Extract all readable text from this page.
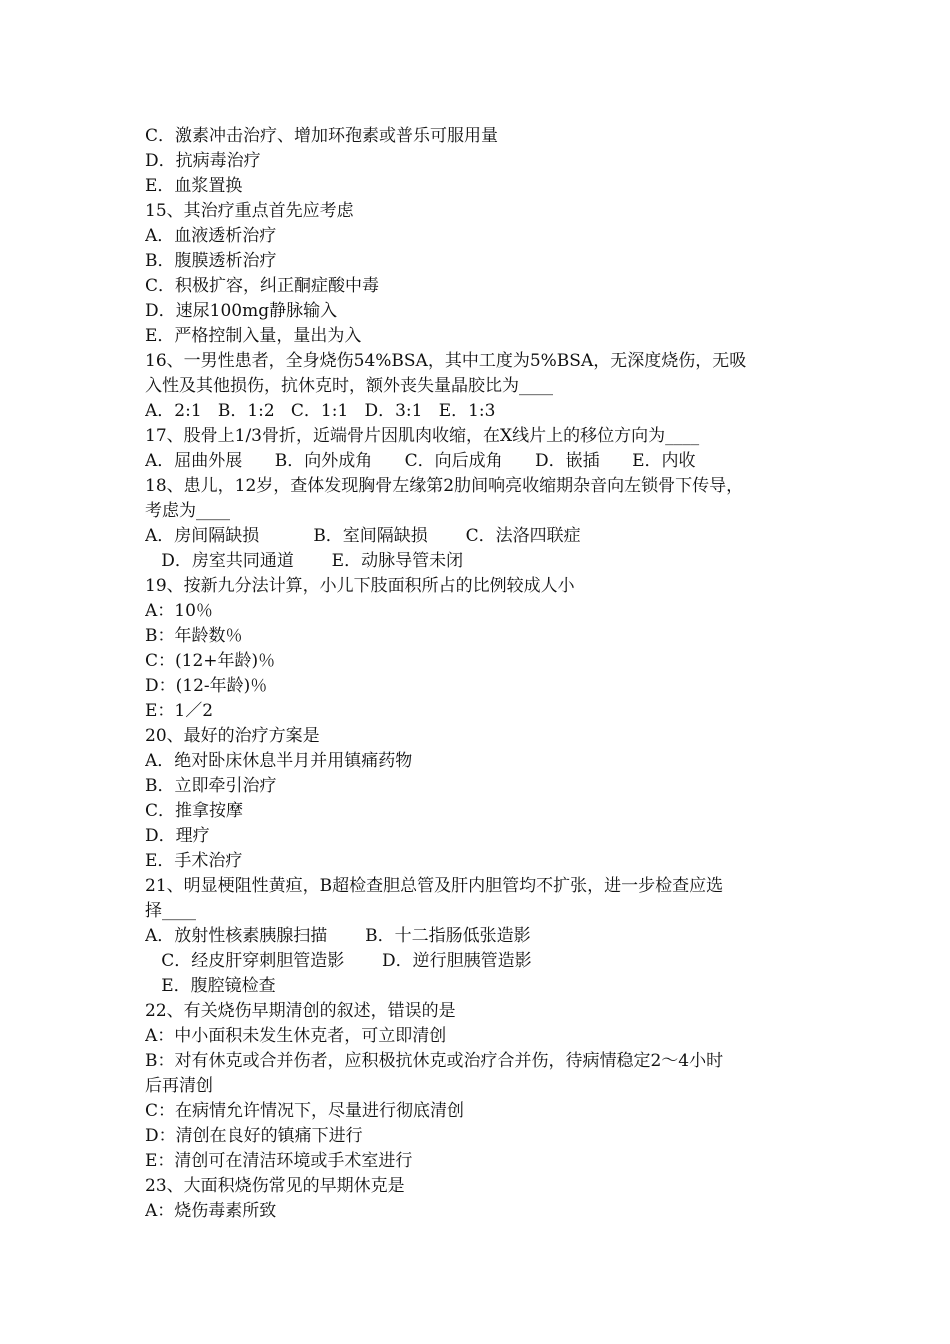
C．激素冲击治疗、增加环孢素或普乐可服用量
D．抗病毒治疗
E．血浆置换
15、其治疗重点首先应考虑
A．血液透析治疗
B．腹膜透析治疗
C．积极扩容，纠正酮症酸中毒
D．速尿100mg静脉输入
E．严格控制入量，量出为入
16、一男性患者，全身烧伤54%BSA，其中工度为5%BSA，无深度烧伤，无吸
入性及其他损伤，抗休克时，额外丧失量晶胶比为____
A．2:1   B．1:2   C．1:1   D．3:1   E．1:3
17、股骨上1/3骨折，近端骨片因肌肉收缩，在X线片上的移位方向为____
A．屈曲外展      B．向外成角      C．向后成角      D．嵌插      E．内收
18、患儿，12岁，查体发现胸骨左缘第2肋间响亮收缩期杂音向左锁骨下传导，
考虑为____
A．房间隔缺损          B．室间隔缺损       C．法洛四联症
D．房室共同通道       E．动脉导管未闭
19、按新九分法计算，小儿下肢面积所占的比例较成人小
A：10％
B：年龄数％
C：(12+年龄)％
D：(12-年龄)％
E：1／2
20、最好的治疗方案是
A．绝对卧床休息半月并用镇痛药物
B．立即牵引治疗
C．推拿按摩
D．理疗
E．手术治疗
21、明显梗阻性黄疸，B超检查胆总管及肝内胆管均不扩张，进一步检查应选
择____
A．放射性核素胰腺扫描       B．十二指肠低张造影
C．经皮肝穿刺胆管造影       D．逆行胆胰管造影
E．腹腔镜检查
22、有关烧伤早期清创的叙述，错误的是
A：中小面积未发生休克者，可立即清创
B：对有休克或合并伤者，应积极抗休克或治疗合并伤，待病情稳定2～4小时
后再清创
C：在病情允许情况下，尽量进行彻底清创
D：清创在良好的镇痛下进行
E：清创可在清洁环境或手术室进行
23、大面积烧伤常见的早期休克是
A：烧伤毒素所致
